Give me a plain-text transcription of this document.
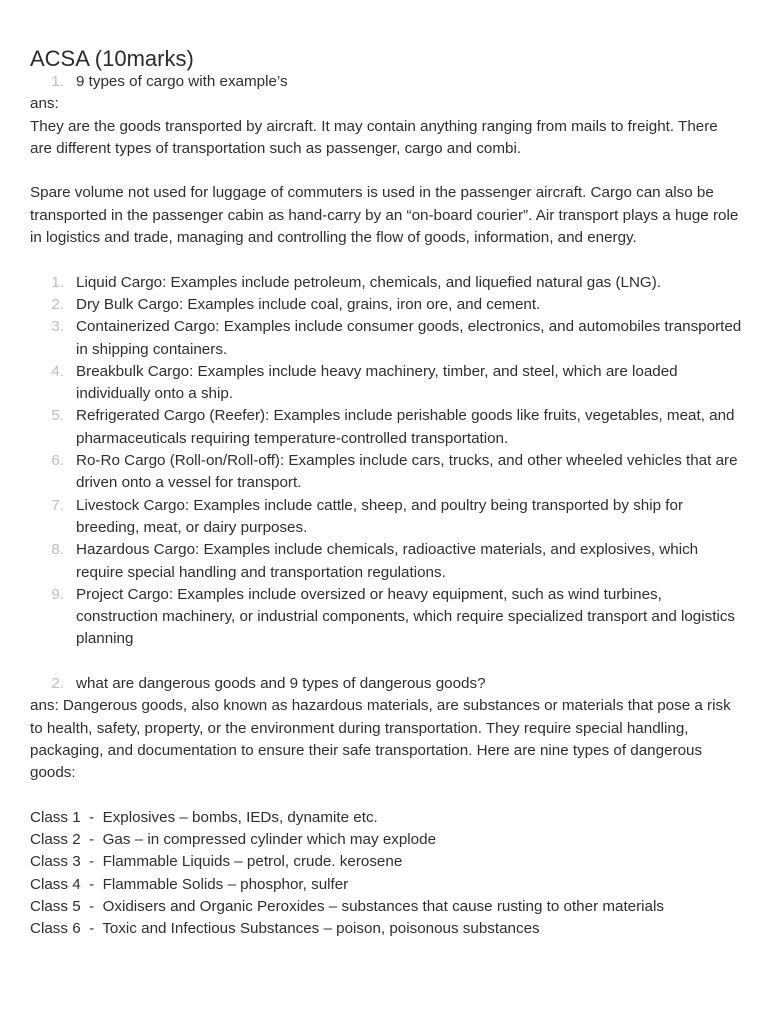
ACSA (10marks)
1. 9 types of cargo with example’s

ans:

They are the goods transported by aircraft. It may contain anything ranging from mails to freight. There are different types of transportation such as passenger, cargo and combi.

Spare volume not used for luggage of commuters is used in the passenger aircraft. Cargo can also be transported in the passenger cabin as hand-carry by an “on-board courier”. Air transport plays a huge role in logistics and trade, managing and controlling the flow of goods, information, and energy.

1. Liquid Cargo: Examples include petroleum, chemicals, and liquefied natural gas (LNG).
2. Dry Bulk Cargo: Examples include coal, grains, iron ore, and cement.
3. Containerized Cargo: Examples include consumer goods, electronics, and automobiles transported in shipping containers.
4. Breakbulk Cargo: Examples include heavy machinery, timber, and steel, which are loaded individually onto a ship.
5. Refrigerated Cargo (Reefer): Examples include perishable goods like fruits, vegetables, meat, and pharmaceuticals requiring temperature-controlled transportation.
6. Ro-Ro Cargo (Roll-on/Roll-off): Examples include cars, trucks, and other wheeled vehicles that are driven onto a vessel for transport.
7. Livestock Cargo: Examples include cattle, sheep, and poultry being transported by ship for breeding, meat, or dairy purposes.
8. Hazardous Cargo: Examples include chemicals, radioactive materials, and explosives, which require special handling and transportation regulations.
9. Project Cargo: Examples include oversized or heavy equipment, such as wind turbines, construction machinery, or industrial components, which require specialized transport and logistics planning
2. what are dangerous goods and 9 types of dangerous goods?

ans: Dangerous goods, also known as hazardous materials, are substances or materials that pose a risk to health, safety, property, or the environment during transportation. They require special handling, packaging, and documentation to ensure their safe transportation. Here are nine types of dangerous goods:

Class 1  -  Explosives – bombs, IEDs, dynamite etc.
Class 2  -  Gas – in compressed cylinder which may explode
Class 3  -  Flammable Liquids – petrol, crude. kerosene
Class 4  -  Flammable Solids – phosphor, sulfer
Class 5  -  Oxidisers and Organic Peroxides – substances that cause rusting to other materials
Class 6  -  Toxic and Infectious Substances – poison, poisonous substances
